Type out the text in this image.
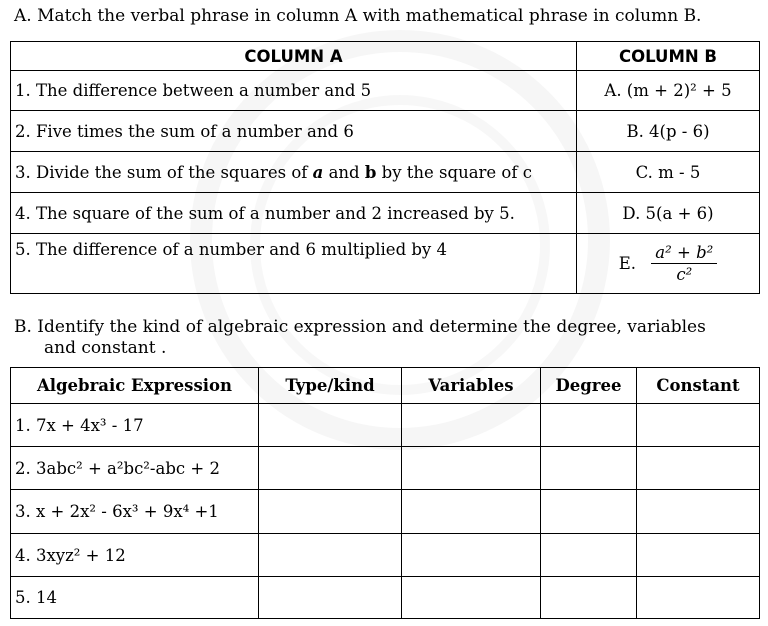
A. Match the verbal phrase in column A with mathematical phrase in column B.
COLUMN A	COLUMN B
1. The difference between a number and 5	A. (m + 2)² + 5
2. Five times the sum of a number and 6	B. 4(p - 6)
3. Divide the sum of the squares of a and b by the square of c	C. m - 5
4. The square of the sum of a number and 2 increased by 5.	D. 5(a + 6)
5. The difference of a number and 6 multiplied by 4	E. $\frac{\text{a² + b²}}{\text{c²}}$
B. Identify the kind of algebraic expression and determine the degree, variables
and constant .
Algebraic Expression	Type/kind	Variables	Degree	Constant
1. 7x + 4x³ - 17				
2. 3abc² + a²bc²-abc + 2				
3. x + 2x² - 6x³ + 9x⁴ +1				
4. 3xyz² + 12				
5. 14				
